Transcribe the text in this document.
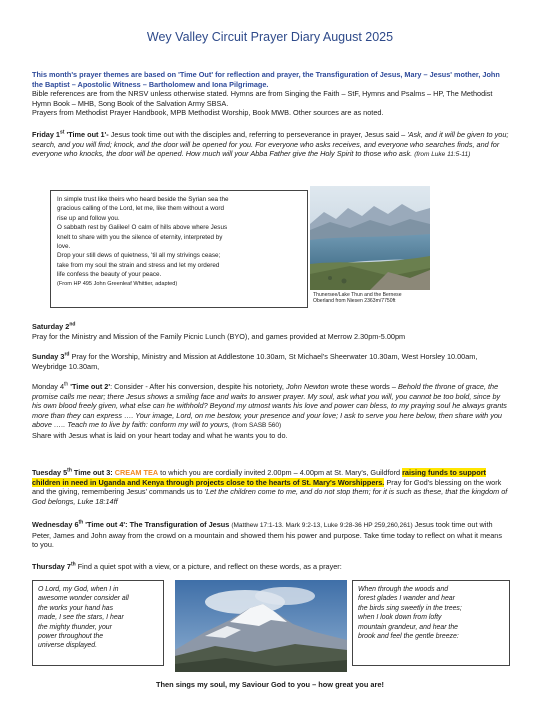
Wey Valley Circuit Prayer Diary August 2025
This month's prayer themes are based on 'Time Out' for reflection and prayer, the Transfiguration of Jesus, Mary – Jesus' mother, John the Baptist – Apostolic Witness – Bartholomew and Iona Pilgrimage.
Bible references are from the NRSV unless otherwise stated. Hymns are from Singing the Faith – StF, Hymns and Psalms – HP, The Methodist Hymn Book – MHB, Song Book of the Salvation Army SBSA.
Prayers from Methodist Prayer Handbook, MPB Methodist Worship, Book MWB. Other sources are as noted.
Friday 1st 'Time out 1'- Jesus took time out with the disciples and, referring to perseverance in prayer, Jesus said – 'Ask, and it will be given to you; search, and you will find; knock, and the door will be opened for you. For everyone who asks receives, and everyone who searches finds, and for everyone who knocks, the door will be opened. How much will your Abba Father give the Holy Spirit to those who ask. (from Luke 11:5-11)
In simple trust like theirs who heard beside the Syrian sea the
gracious calling of the Lord, let me, like them without a word
rise up and follow you.
O sabbath rest by Galilee! O calm of hills above where Jesus
knelt to share with you the silence of eternity, interpreted by
love.
Drop your still dews of quietness, 'til all my strivings cease;
take from my soul the strain and stress and let my ordered
life confess the beauty of your peace.
(From HP 495 John Greenleaf Whittier, adapted)
Thunersee/Lake Thun and the Bernese
Oberland from Niesen 2363m/7750ft
Saturday 2nd
Pray for the Ministry and Mission of the Family Picnic Lunch (BYO), and games provided at Merrow 2.30pm-5.00pm
Sunday 3rd Pray for the Worship, Ministry and Mission at Addlestone 10.30am, St Michael's Sheerwater 10.30am, West Horsley 10.00am, Weybridge 10.30am,
Monday 4th 'Time out 2': Consider - After his conversion, despite his notoriety, John Newton wrote these words – Behold the throne of grace, the promise calls me near; there Jesus shows a smiling face and waits to answer prayer. My soul, ask what you will, you cannot be too bold, since by his own blood freely given, what else can he withhold? Beyond my utmost wants his love and power can bless, to my praying soul he always grants more than they can express …. Your image, Lord, on me bestow, your presence and your love; I ask to serve you here below, then share with you above ….. Teach me to live by faith: conform my will to yours, (from SASB 560)
Share with Jesus what is laid on your heart today and what he wants you to do.
Tuesday 5th Time out 3: CREAM TEA to which you are cordially invited 2.00pm – 4.00pm at St. Mary's, Guildford raising funds to support children in need in Uganda and Kenya through projects close to the hearts of St. Mary's Worshippers. Pray for God's blessing on the work and the giving, remembering Jesus' commands us to 'Let the children come to me, and do not stop them; for it is such as these, that the kingdom of God belongs, Luke 18:14ff
Wednesday 6th 'Time out 4': The Transfiguration of Jesus (Matthew 17:1-13. Mark 9:2-13, Luke 9:28-36 HP 259,260,261) Jesus took time out with Peter, James and John away from the crowd on a mountain and showed them his power and purpose. Take time today to reflect on what it means to you.
Thursday 7th Find a quiet spot with a view, or a picture, and reflect on these words, as a prayer:
O Lord, my God, when I in
awesome wonder consider all
the works your hand has
made, I see the stars, I hear
the mighty thunder, your
power throughout the
universe displayed.
When through the woods and
forest glades I wander and hear
the birds sing sweetly in the trees;
when I look down from lofty
mountain grandeur, and hear the
brook and feel the gentle breeze:
Then sings my soul, my Saviour God to you – how great you are!
